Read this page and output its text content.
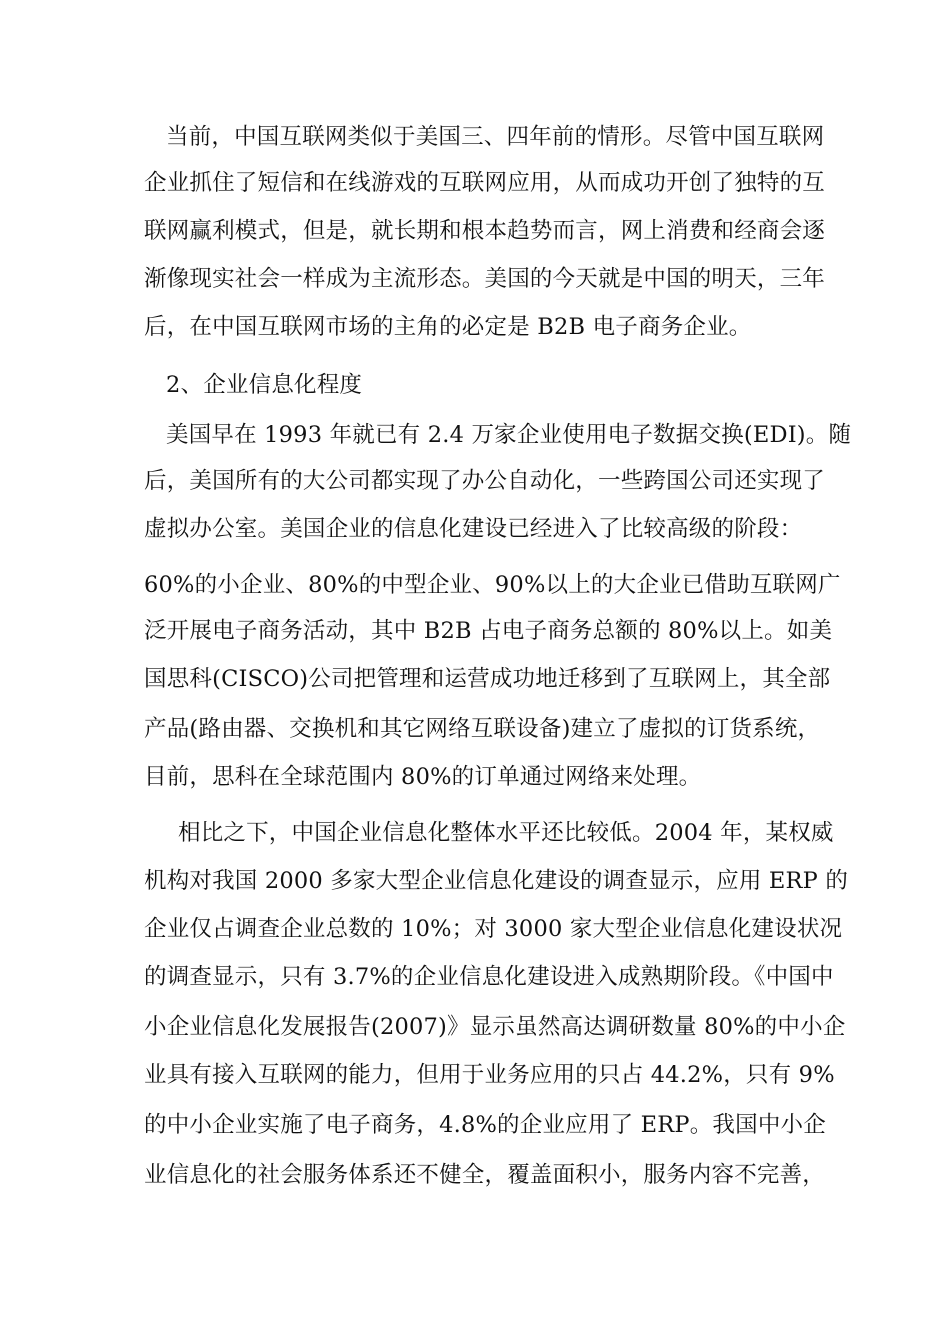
当前，中国互联网类似于美国三、四年前的情形。尽管中国互联网
企业抓住了短信和在线游戏的互联网应用，从而成功开创了独特的互
联网赢利模式，但是，就长期和根本趋势而言，网上消费和经商会逐
渐像现实社会一样成为主流形态。美国的今天就是中国的明天，三年
后，在中国互联网市场的主角的必定是 B2B 电子商务企业。
2、企业信息化程度
美国早在 1993 年就已有 2.4 万家企业使用电子数据交换(EDI)。随
后，美国所有的大公司都实现了办公自动化，一些跨国公司还实现了
虚拟办公室。美国企业的信息化建设已经进入了比较高级的阶段：
60%的小企业、80%的中型企业、90%以上的大企业已借助互联网广
泛开展电子商务活动，其中 B2B 占电子商务总额的 80%以上。如美
国思科(CISCO)公司把管理和运营成功地迁移到了互联网上，其全部
产品(路由器、交换机和其它网络互联设备)建立了虚拟的订货系统，
目前，思科在全球范围内 80%的订单通过网络来处理。
相比之下，中国企业信息化整体水平还比较低。2004 年，某权威
机构对我国 2000 多家大型企业信息化建设的调查显示，应用 ERP 的
企业仅占调查企业总数的 10%；对 3000 家大型企业信息化建设状况
的调查显示，只有 3.7%的企业信息化建设进入成熟期阶段。《中国中
小企业信息化发展报告(2007)》显示虽然高达调研数量 80%的中小企
业具有接入互联网的能力，但用于业务应用的只占 44.2%，只有 9%
的中小企业实施了电子商务，4.8%的企业应用了 ERP。我国中小企
业信息化的社会服务体系还不健全，覆盖面积小，服务内容不完善，
